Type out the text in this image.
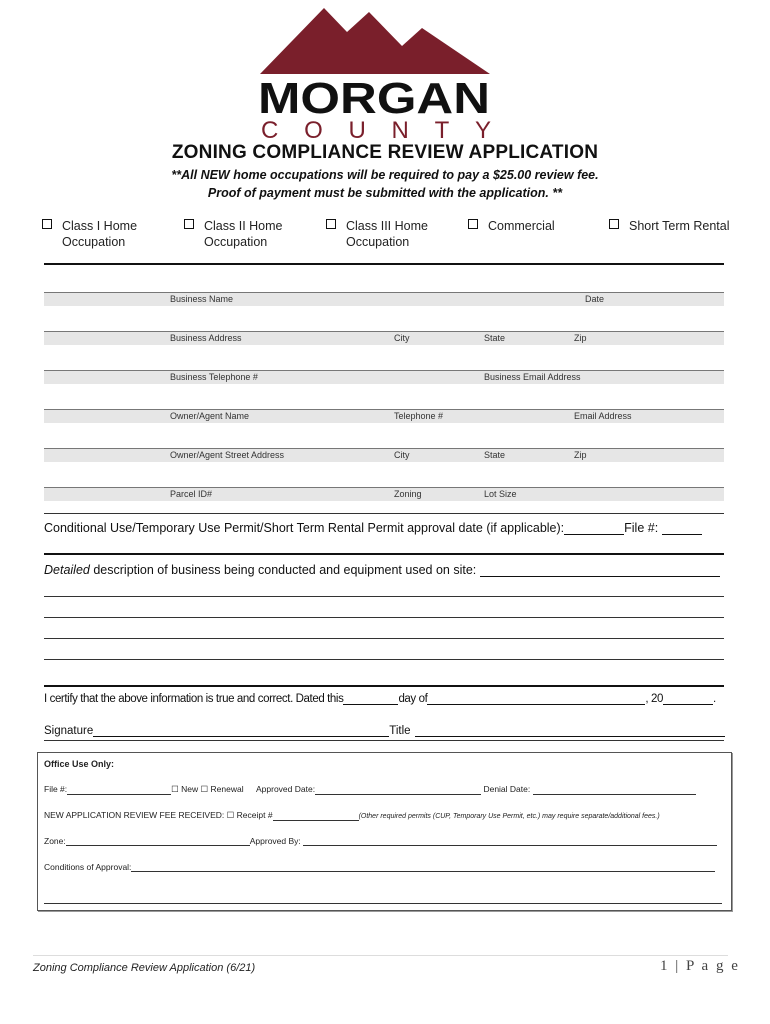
MORGAN
COUNTY
ZONING COMPLIANCE REVIEW APPLICATION
**All NEW home occupations will be required to pay a $25.00 review fee.
Proof of payment must be submitted with the application. **
Class I Home
Occupation
Class II Home
Occupation
Class III Home
Occupation
Commercial	Short Term Rental
Business Name	Date
Business Address	City	State	Zip
Business Telephone #	Business Email Address
Owner/Agent Name	Telephone #	Email Address
Owner/Agent Street Address	City	State	Zip
Parcel ID#	Zoning	Lot Size
Conditional Use/Temporary Use Permit/Short Term Rental Permit approval date (if applicable):	File #:
Detailed description of business being conducted and equipment used on site:
I certify that the above information is true and correct. Dated this	day of	, 20	.
Signature	Title
Office Use Only:
File #:	☐ New ☐ Renewal Approved Date:	Denial Date:
NEW APPLICATION REVIEW FEE RECEIVED: ☐ Receipt #	(Other required permits (CUP, Temporary Use Permit, etc.) may require separate/additional fees.)
Zone:	Approved By:
Conditions of Approval:
Zoning Compliance Review Application (6/21)	1 | P a g e
